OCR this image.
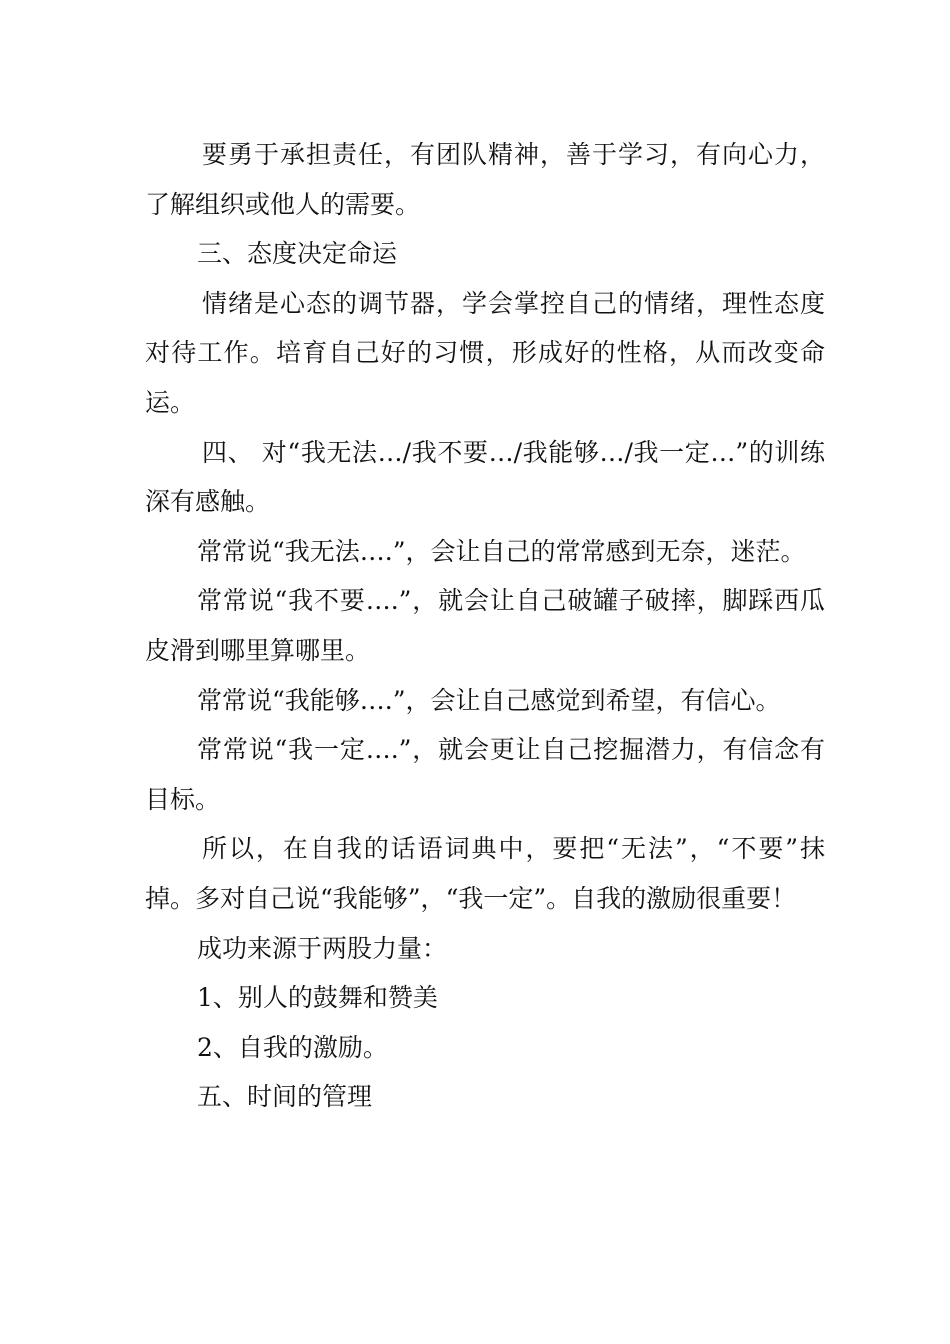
要勇于承担责任，有团队精神，善于学习，有向心力，了解组织或他人的需要。

三、态度决定命运

情绪是心态的调节器，学会掌控自己的情绪，理性态度对待工作。培育自己好的习惯，形成好的性格，从而改变命运。

四、 对“我无法…/我不要…/我能够…/我一定…”的训练深有感触。

常常说“我无法….”，会让自己的常常感到无奈，迷茫。

常常说“我不要….”，就会让自己破罐子破摔，脚踩西瓜皮滑到哪里算哪里。

常常说“我能够….”，会让自己感觉到希望，有信心。

常常说“我一定….”，就会更让自己挖掘潜力，有信念有目标。

所以，在自我的话语词典中，要把“无法”，“不要”抹掉。多对自己说“我能够”，“我一定”。自我的激励很重要！

成功来源于两股力量：

1、别人的鼓舞和赞美

2、自我的激励。

五、时间的管理
